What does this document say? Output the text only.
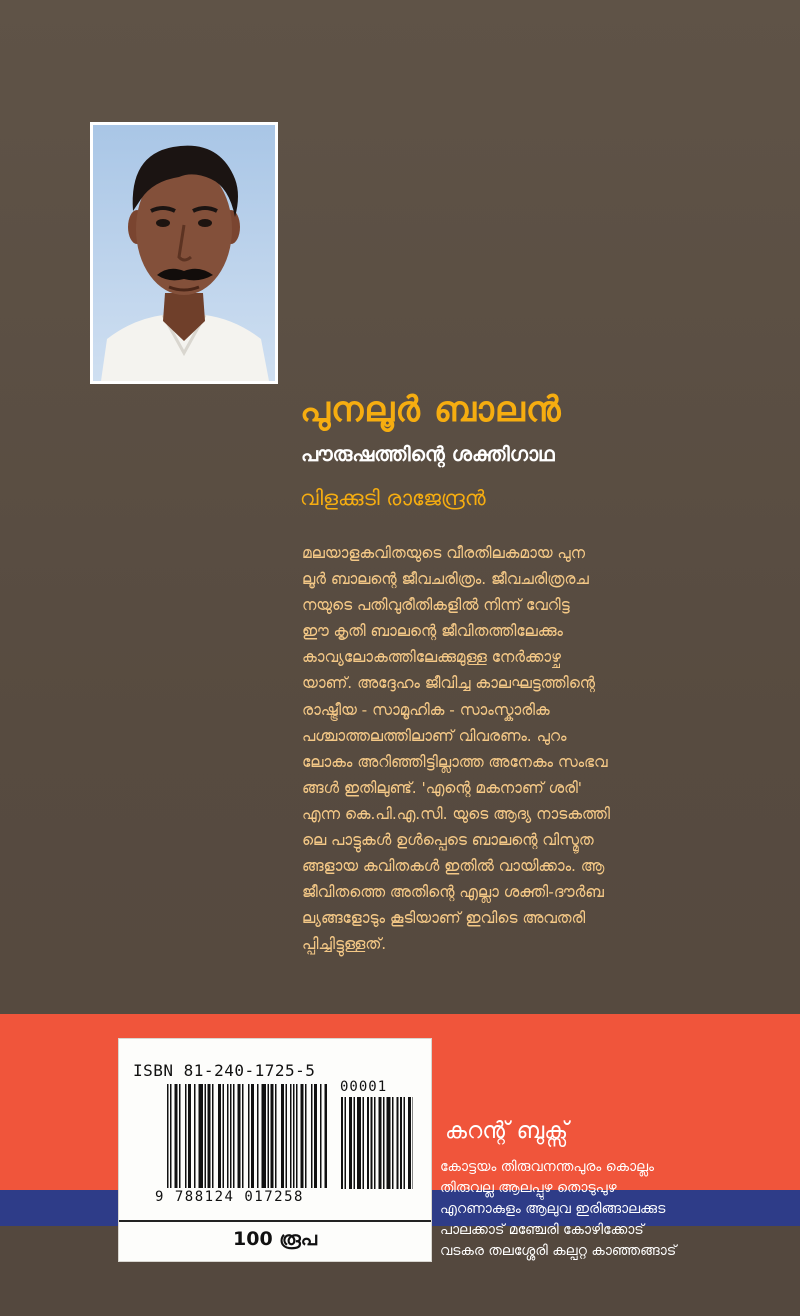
പുനലൂർ ബാലൻ
പൗരുഷത്തിന്റെ ശക്തിഗാഥ
വിളക്കുടി രാജേന്ദ്രൻ

മലയാളകവിതയുടെ വീരതിലകമായ പുന

ലൂർ ബാലന്റെ ജീവചരിത്രം. ജീവചരിത്രരച

നയുടെ പതിവുരീതികളിൽ നിന്ന് വേറിട്ട

ഈ കൃതി ബാലന്റെ ജീവിതത്തിലേക്കും

കാവ്യലോകത്തിലേക്കുമുള്ള നേർക്കാഴ്ച

യാണ്. അദ്ദേഹം ജീവിച്ച കാലഘട്ടത്തിന്റെ

രാഷ്ട്രീയ - സാമൂഹിക - സാംസ്കാരിക

പശ്ചാത്തലത്തിലാണ് വിവരണം. പുറം

ലോകം അറിഞ്ഞിട്ടില്ലാത്ത അനേകം സംഭവ

ങ്ങൾ ഇതിലുണ്ട്. 'എന്റെ മകനാണ് ശരി'

എന്ന കെ.പി.എ.സി. യുടെ ആദ്യ നാടകത്തി

ലെ പാട്ടുകൾ ഉൾപ്പെടെ ബാലന്റെ വിസ്മൃത

ങ്ങളായ കവിതകൾ ഇതിൽ വായിക്കാം. ആ

ജീവിതത്തെ അതിന്റെ എല്ലാ ശക്തി-ദൗർബ

ല്യങ്ങളോടും കൂടിയാണ് ഇവിടെ അവതരി

പ്പിച്ചിട്ടുള്ളത്.

ISBN 81-240-1725-5
00001
9 788124 017258
100 രൂപ
കറന്റ് ബുക്സ്
കോട്ടയം തിരുവനന്തപുരം കൊല്ലം
തിരുവല്ല ആലപ്പുഴ തൊടുപുഴ
എറണാകുളം ആലുവ ഇരിങ്ങാലക്കുട
പാലക്കാട് മഞ്ചേരി കോഴിക്കോട്
വടകര തലശ്ശേരി കല്പറ്റ കാഞ്ഞങ്ങാട്
